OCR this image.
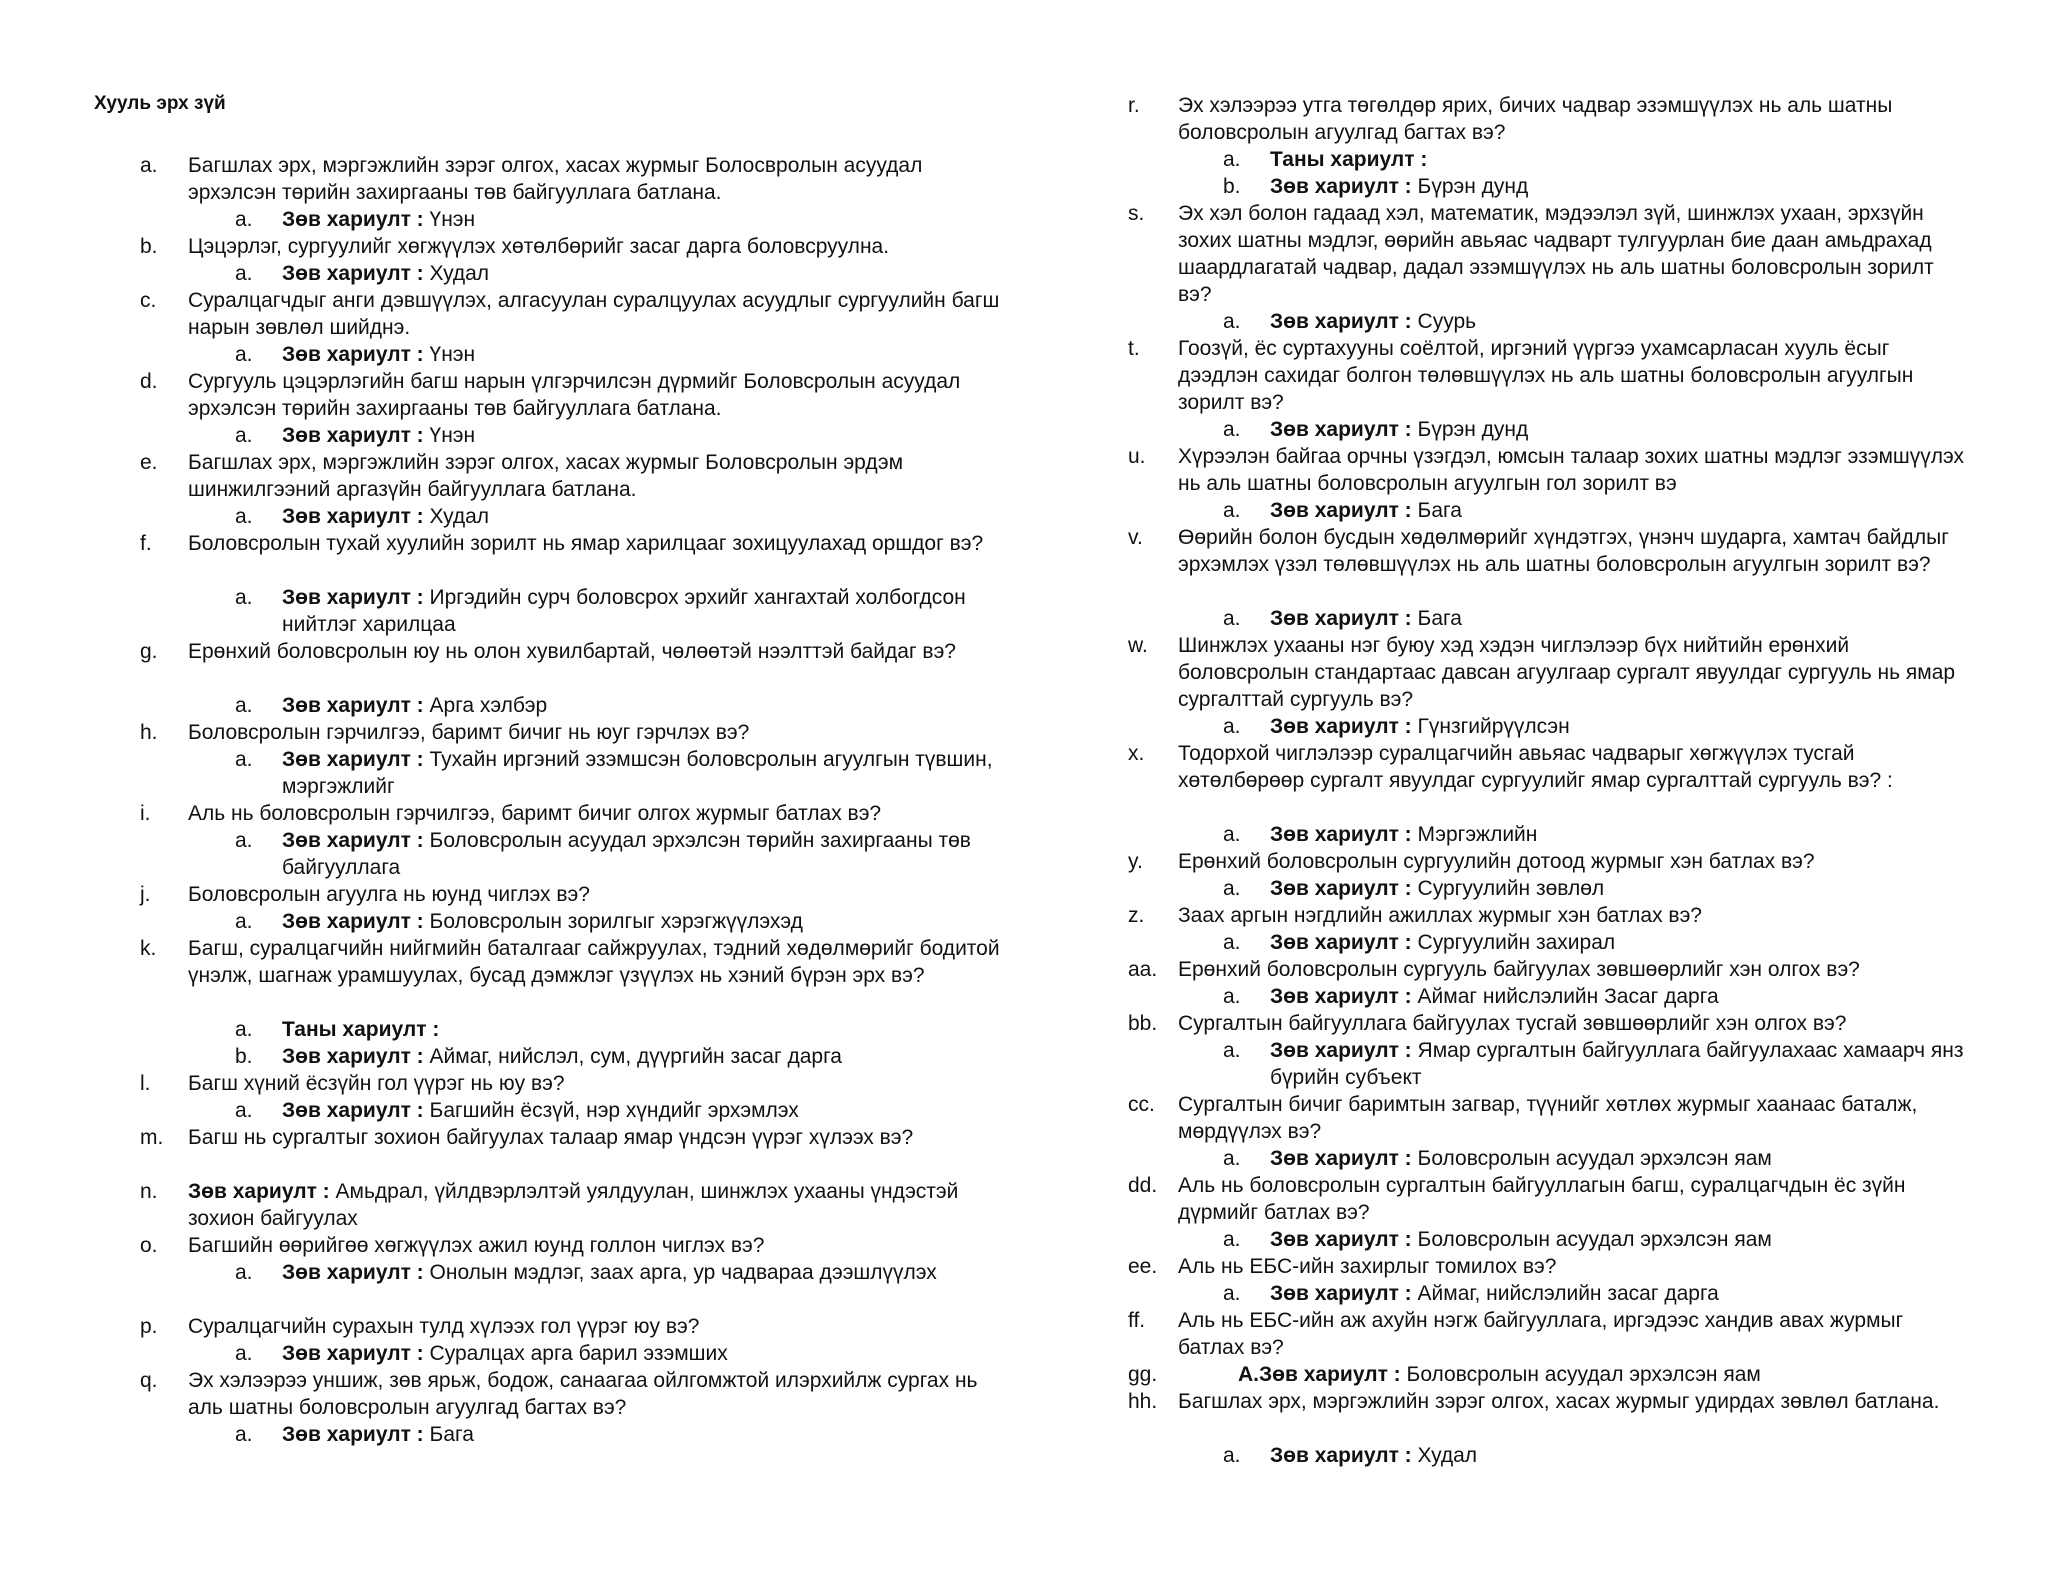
Хууль эрх зүй
a. Багшлах эрх, мэргэжлийн зэрэг олгох, хасах журмыг Болосвролын асуудал эрхэлсэн төрийн захиргааны төв байгууллага батлана.
a. Зөв хариулт : Үнэн
b. Цэцэрлэг, сургуулийг хөгжүүлэх хөтөлбөрийг засаг дарга боловсруулна.
a. Зөв хариулт : Худал
c. Суралцагчдыг анги дэвшүүлэх, алгасуулан суралцуулах асуудлыг сургуулийн багш нарын зөвлөл шийднэ.
a. Зөв хариулт : Үнэн
d. Сургууль цэцэрлэгийн багш нарын үлгэрчилсэн дүрмийг Боловсролын асуудал эрхэлсэн төрийн захиргааны төв байгууллага батлана.
a. Зөв хариулт : Үнэн
e. Багшлах эрх, мэргэжлийн зэрэг олгох, хасах журмыг Боловсролын эрдэм шинжилгээний аргазүйн байгууллага батлана.
a. Зөв хариулт : Худал
f. Боловсролын тухай хуулийн зорилт нь ямар харилцааг зохицуулахад оршдог вэ?
a. Зөв хариулт : Иргэдийн сурч боловсрох эрхийг хангахтай холбогдсон нийтлэг харилцаа
g. Ерөнхий боловсролын юу нь олон хувилбартай, чөлөөтэй нээлттэй байдаг вэ?
a. Зөв хариулт : Арга хэлбэр
h. Боловсролын гэрчилгээ, баримт бичиг нь юуг гэрчлэх вэ?
a. Зөв хариулт : Тухайн иргэний эзэмшсэн боловсролын агуулгын түвшин, мэргэжлийг
i. Аль нь боловсролын гэрчилгээ, баримт бичиг олгох журмыг батлах вэ?
a. Зөв хариулт : Боловсролын асуудал эрхэлсэн төрийн захиргааны төв байгууллага
j. Боловсролын агуулга нь юунд чиглэх вэ?
a. Зөв хариулт : Боловсролын зорилгыг хэрэгжүүлэхэд
k. Багш, суралцагчийн нийгмийн баталгааг сайжруулах, тэдний хөдөлмөрийг бодитой үнэлж, шагнаж урамшуулах, бусад дэмжлэг үзүүлэх нь хэний бүрэн эрх вэ?
a. Таны хариулт :
b. Зөв хариулт : Аймаг, нийслэл, сум, дүүргийн засаг дарга
l. Багш хүний ёсзүйн гол үүрэг нь юу вэ?
a. Зөв хариулт : Багшийн ёсзүй, нэр хүндийг эрхэмлэх
m. Багш нь сургалтыг зохион байгуулах талаар ямар үндсэн үүрэг хүлээх вэ?
n. Зөв хариулт : Амьдрал, үйлдвэрлэлтэй уялдуулан, шинжлэх ухааны үндэстэй зохион байгуулах
o. Багшийн өөрийгөө хөгжүүлэх ажил юунд голлон чиглэх вэ?
a. Зөв хариулт : Онолын мэдлэг, заах арга, ур чадвараа дээшлүүлэх
p. Суралцагчийн сурахын тулд хүлээх гол үүрэг юу вэ?
a. Зөв хариулт : Суралцах арга барил эзэмших
q. Эх хэлээрээ уншиж, зөв ярьж, бодож, санаагаа ойлгомжтой илэрхийлж сургах нь аль шатны боловсролын агуулгад багтах вэ?
a. Зөв хариулт : Бага
r. Эх хэлээрээ утга төгөлдөр ярих, бичих чадвар эзэмшүүлэх нь аль шатны боловсролын агуулгад багтах вэ?
a. Таны хариулт :
b. Зөв хариулт : Бүрэн дунд
s. Эх хэл болон гадаад хэл, математик, мэдээлэл зүй, шинжлэх ухаан, эрхзүйн зохих шатны мэдлэг, өөрийн авьяас чадварт тулгуурлан бие даан амьдрахад шаардлагатай чадвар, дадал эзэмшүүлэх нь аль шатны боловсролын зорилт вэ?
a. Зөв хариулт : Суурь
t. Гоозүй, ёс суртахууны соёлтой, иргэний үүргээ ухамсарласан хууль ёсыг дээдлэн сахидаг болгон төлөвшүүлэх нь аль шатны боловсролын агуулгын зорилт вэ?
a. Зөв хариулт : Бүрэн дунд
u. Хүрээлэн байгаа орчны үзэгдэл, юмсын талаар зохих шатны мэдлэг эзэмшүүлэх нь аль шатны боловсролын агуулгын гол зорилт вэ
a. Зөв хариулт : Бага
v. Өөрийн болон бусдын хөдөлмөрийг хүндэтгэх, үнэнч шударга, хамтач байдлыг эрхэмлэх үзэл төлөвшүүлэх нь аль шатны боловсролын агуулгын зорилт вэ?
a. Зөв хариулт : Бага
w. Шинжлэх ухааны нэг буюу хэд хэдэн чиглэлээр бүх нийтийн ерөнхий боловсролын стандартаас давсан агуулгаар сургалт явуулдаг сургууль нь ямар сургалттай сургууль вэ?
a. Зөв хариулт : Гүнзгийрүүлсэн
x. Тодорхой чиглэлээр суралцагчийн авьяас чадварыг хөгжүүлэх тусгай хөтөлбөрөөр сургалт явуулдаг сургуулийг ямар сургалттай сургууль вэ? :
a. Зөв хариулт : Мэргэжлийн
y. Ерөнхий боловсролын сургуулийн дотоод журмыг хэн батлах вэ?
a. Зөв хариулт : Сургуулийн зөвлөл
z. Заах аргын нэгдлийн ажиллах журмыг хэн батлах вэ?
a. Зөв хариулт : Сургуулийн захирал
aa. Ерөнхий боловсролын сургууль байгуулах зөвшөөрлийг хэн олгох вэ?
a. Зөв хариулт : Аймаг нийслэлийн Засаг дарга
bb. Сургалтын байгууллага байгуулах тусгай зөвшөөрлийг хэн олгох вэ?
a. Зөв хариулт : Ямар сургалтын байгууллага байгуулахаас хамаарч янз бүрийн субъект
cc. Сургалтын бичиг баримтын загвар, түүнийг хөтлөх журмыг хаанаас баталж, мөрдүүлэх вэ?
a. Зөв хариулт : Боловсролын асуудал эрхэлсэн яам
dd. Аль нь боловсролын сургалтын байгууллагын багш, суралцагчдын ёс зүйн дүрмийг батлах вэ?
a. Зөв хариулт : Боловсролын асуудал эрхэлсэн яам
ee. Аль нь ЕБС-ийн захирлыг томилох вэ?
a. Зөв хариулт : Аймаг, нийслэлийн засаг дарга
ff. Аль нь ЕБС-ийн аж ахуйн нэгж байгууллага, иргэдээс хандив авах журмыг батлах вэ?
gg.	А.Зөв хариулт : Боловсролын асуудал эрхэлсэн яам
hh. Багшлах эрх, мэргэжлийн зэрэг олгох, хасах журмыг удирдах зөвлөл батлана.
a. Зөв хариулт : Худал
